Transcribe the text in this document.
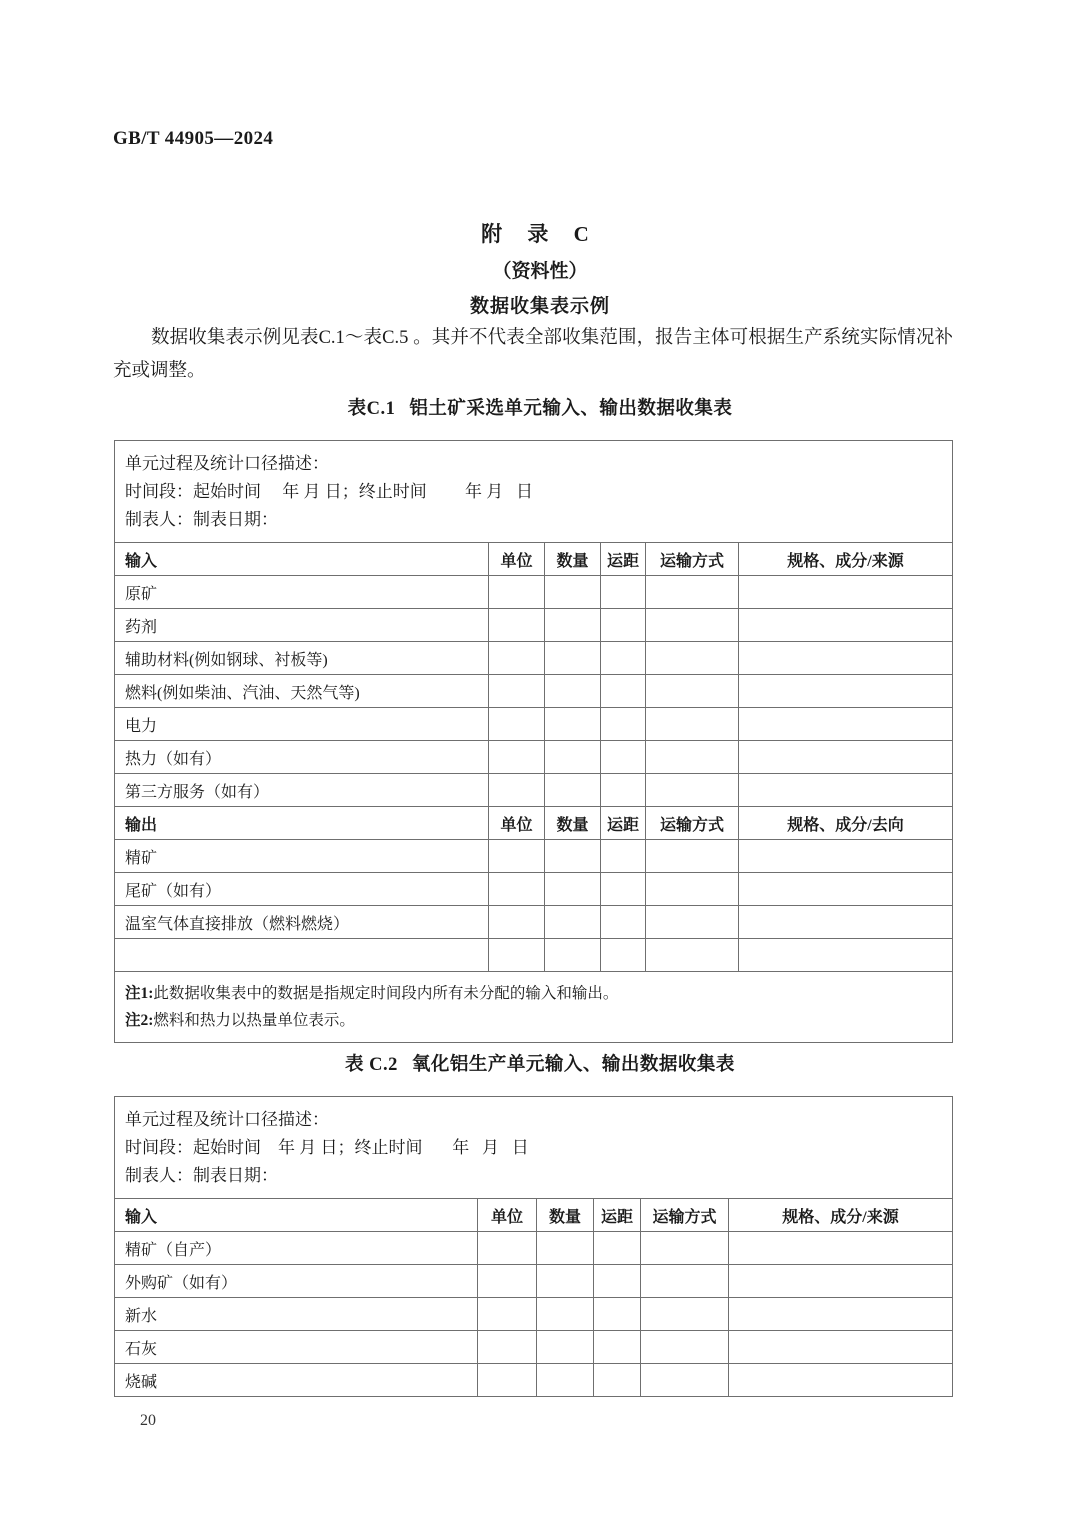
GB/T 44905—2024
附 录 C
（资料性）
数据收集表示例
数据收集表示例见表C.1～表C.5 。其并不代表全部收集范围，报告主体可根据生产系统实际情况补充或调整。
表C.1 铝土矿采选单元输入、输出数据收集表
单元过程及统计口径描述：
时间段：起始时间     年 月 日；终止时间         年 月   日
制表人：制表日期：					

输入	单位	数量	运距	运输方式	规格、成分/来源
原矿					
药剂					
辅助材料(例如钢球、衬板等)					
燃料(例如柴油、汽油、天然气等)					
电力					
热力（如有）					
第三方服务（如有）					
输出	单位	数量	运距	运输方式	规格、成分/去向
精矿					
尾矿（如有）					
温室气体直接排放（燃料燃烧）					

注1:此数据收集表中的数据是指规定时间段内所有未分配的输入和输出。
注2:燃料和热力以热量单位表示。					
表 C.2 氧化铝生产单元输入、输出数据收集表
单元过程及统计口径描述：
时间段：起始时间    年 月 日；终止时间       年   月   日
制表人：制表日期：					

输入	单位	数量	运距	运输方式	规格、成分/来源
精矿（自产）					
外购矿（如有）					
新水					
石灰					
烧碱					
20
